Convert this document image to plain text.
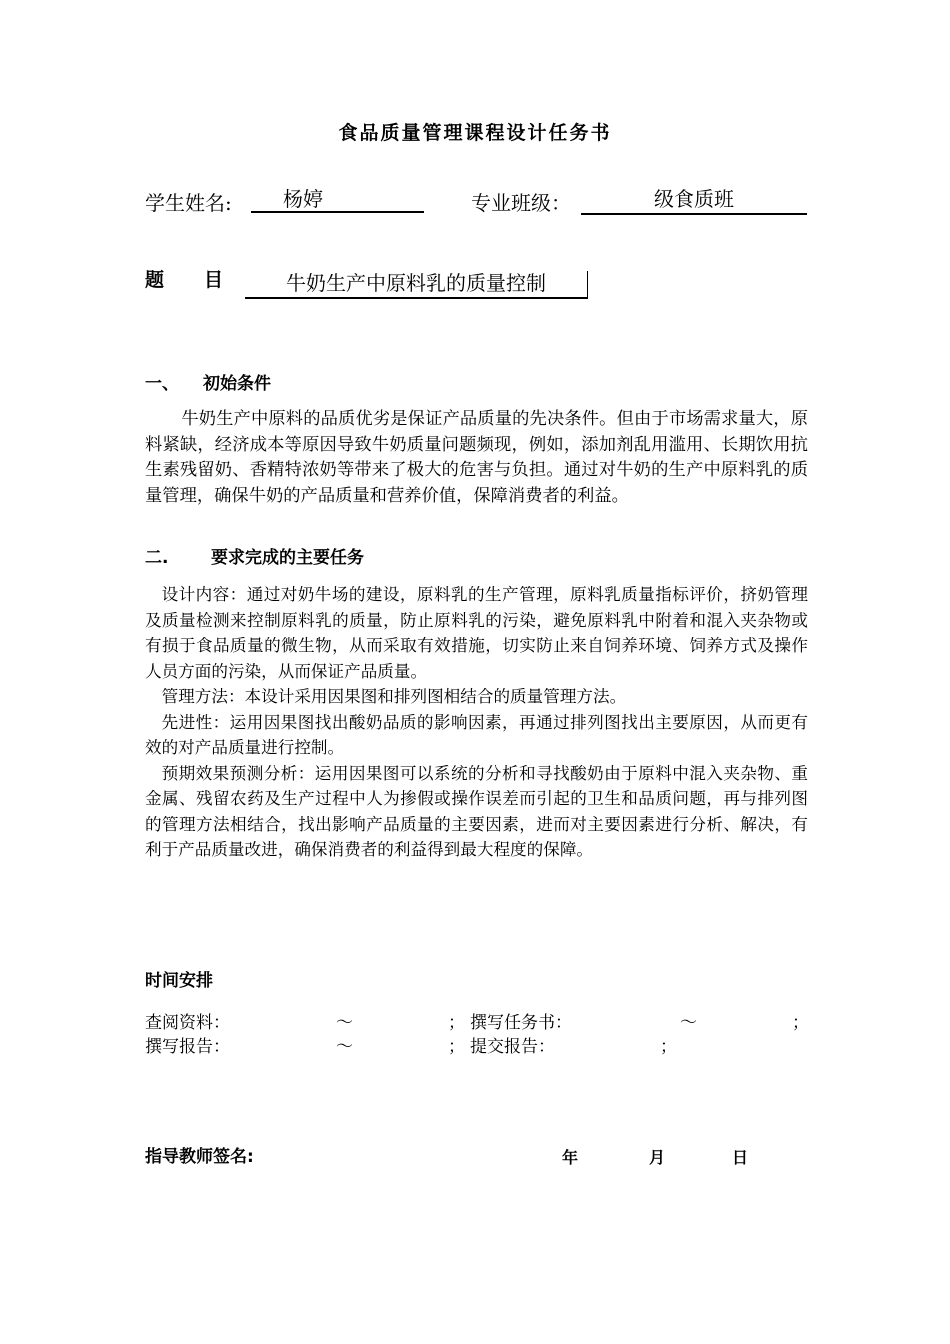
食品质量管理课程设计任务书
学生姓名:	杨婷	专业班级：	级食质班
题 目	牛奶生产中原料乳的质量控制
一、 初始条件

牛奶生产中原料的品质优劣是保证产品质量的先决条件。但由于市场需求量大，原料紧缺，经济成本等原因导致牛奶质量问题频现，例如，添加剂乱用滥用、长期饮用抗生素残留奶、香精特浓奶等带来了极大的危害与负担。通过对牛奶的生产中原料乳的质量管理，确保牛奶的产品质量和营养价值，保障消费者的利益。

二.	要求完成的主要任务

设计内容：通过对奶牛场的建设，原料乳的生产管理，原料乳质量指标评价，挤奶管理及质量检测来控制原料乳的质量，防止原料乳的污染，避免原料乳中附着和混入夹杂物或有损于食品质量的微生物，从而采取有效措施，切实防止来自饲养环境、饲养方式及操作人员方面的污染，从而保证产品质量。

管理方法：本设计采用因果图和排列图相结合的质量管理方法。

先进性：运用因果图找出酸奶品质的影响因素，再通过排列图找出主要原因，从而更有效的对产品质量进行控制。

预期效果预测分析：运用因果图可以系统的分析和寻找酸奶由于原料中混入夹杂物、重金属、残留农药及生产过程中人为掺假或操作误差而引起的卫生和品质问题，再与排列图的管理方法相结合，找出影响产品质量的主要因素，进而对主要因素进行分析、解决，有利于产品质量改进，确保消费者的利益得到最大程度的保障。

时间安排
查阅资料：	～	； 撰写任务书：	～	；
撰写报告：	～	； 提交报告：	；
指导教师签名:	年	月	日
